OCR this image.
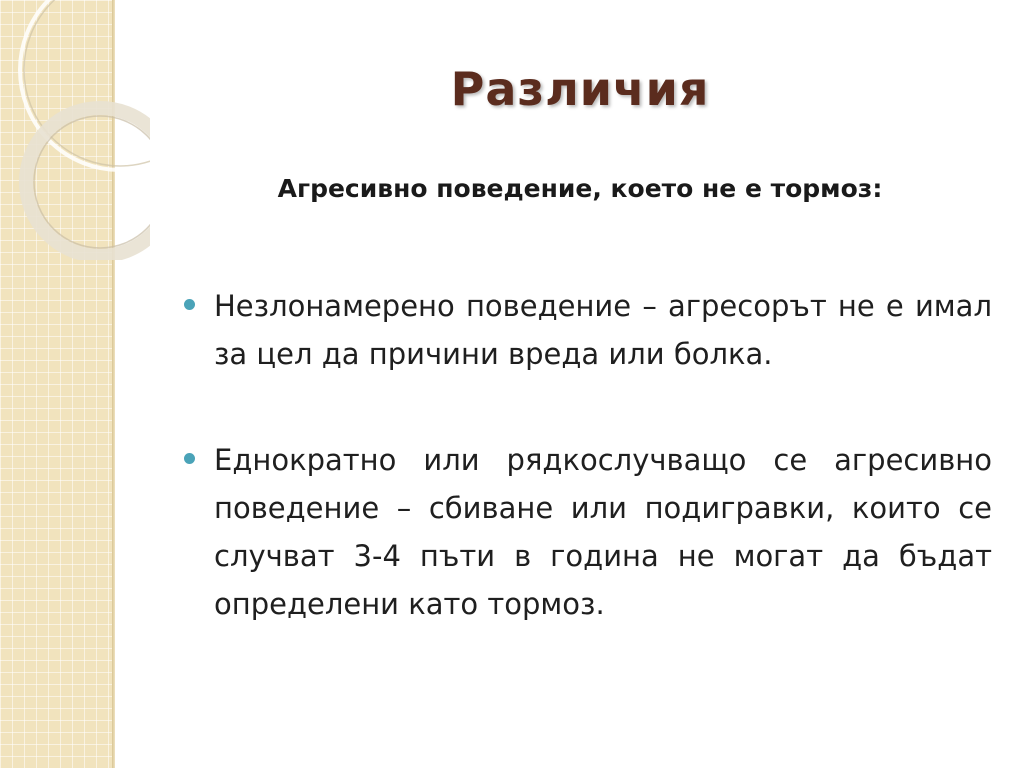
Различия
Агресивно поведение, което не е тормоз:
Незлонамерено поведение – агресорът не е имал за цел да причини вреда или болка.
Еднократно или рядкослучващо се агресивно поведение – сбиване или подигравки, които се случват 3-4 пъти в година не могат да бъдат определени като тормоз.
